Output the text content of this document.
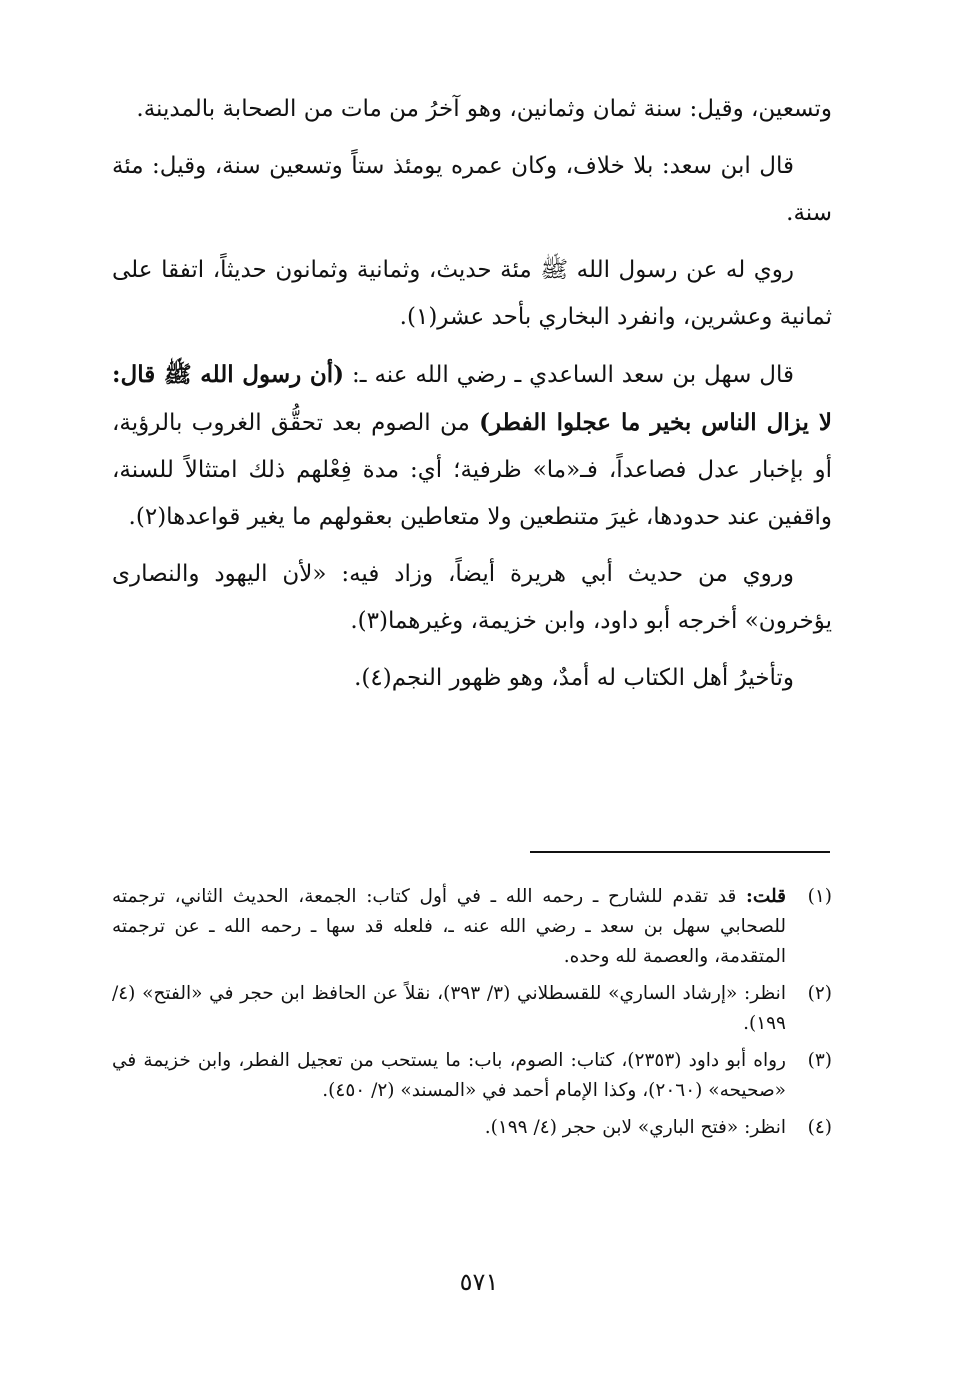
وتسعين، وقيل: سنة ثمان وثمانين، وهو آخرُ من مات من الصحابة بالمدينة.

قال ابن سعد: بلا خلاف، وكان عمره يومئذ ستاً وتسعين سنة، وقيل: مئة سنة.

روي له عن رسول الله ﷺ مئة حديث، وثمانية وثمانون حديثاً، اتفقا على ثمانية وعشرين، وانفرد البخاري بأحد عشر(١).

قال سهل بن سعد الساعدي ـ رضي الله عنه ـ: (أن رسول الله ﷺ قال: لا يزال الناس بخير ما عجلوا الفطر) من الصوم بعد تحقُّق الغروب بالرؤية، أو بإخبار عدل فصاعداً، فـ«ما» ظرفية؛ أي: مدة فِعْلهم ذلك امتثالاً للسنة، واقفين عند حدودها، غيرَ متنطعين ولا متعاطين بعقولهم ما يغير قواعدها(٢).

وروي من حديث أبي هريرة أيضاً، وزاد فيه: «لأن اليهود والنصارى يؤخرون» أخرجه أبو داود، وابن خزيمة، وغيرهما(٣).

وتأخيرُ أهل الكتاب له أمدٌ، وهو ظهور النجم(٤).

(١)
قلت: قد تقدم للشارح ـ رحمه الله ـ في أول كتاب: الجمعة، الحديث الثاني، ترجمته للصحابي سهل بن سعد ـ رضي الله عنه ـ، فلعله قد سها ـ رحمه الله ـ عن ترجمته المتقدمة، والعصمة لله وحده.
(٢)
انظر: «إرشاد الساري» للقسطلاني (٣/ ٣٩٣)، نقلاً عن الحافظ ابن حجر في «الفتح» (٤/ ١٩٩).
(٣)
رواه أبو داود (٢٣٥٣)، كتاب: الصوم، باب: ما يستحب من تعجيل الفطر، وابن خزيمة في «صحيحه» (٢٠٦٠)، وكذا الإمام أحمد في «المسند» (٢/ ٤٥٠).
(٤)
انظر: «فتح الباري» لابن حجر (٤/ ١٩٩).
٥٧١
